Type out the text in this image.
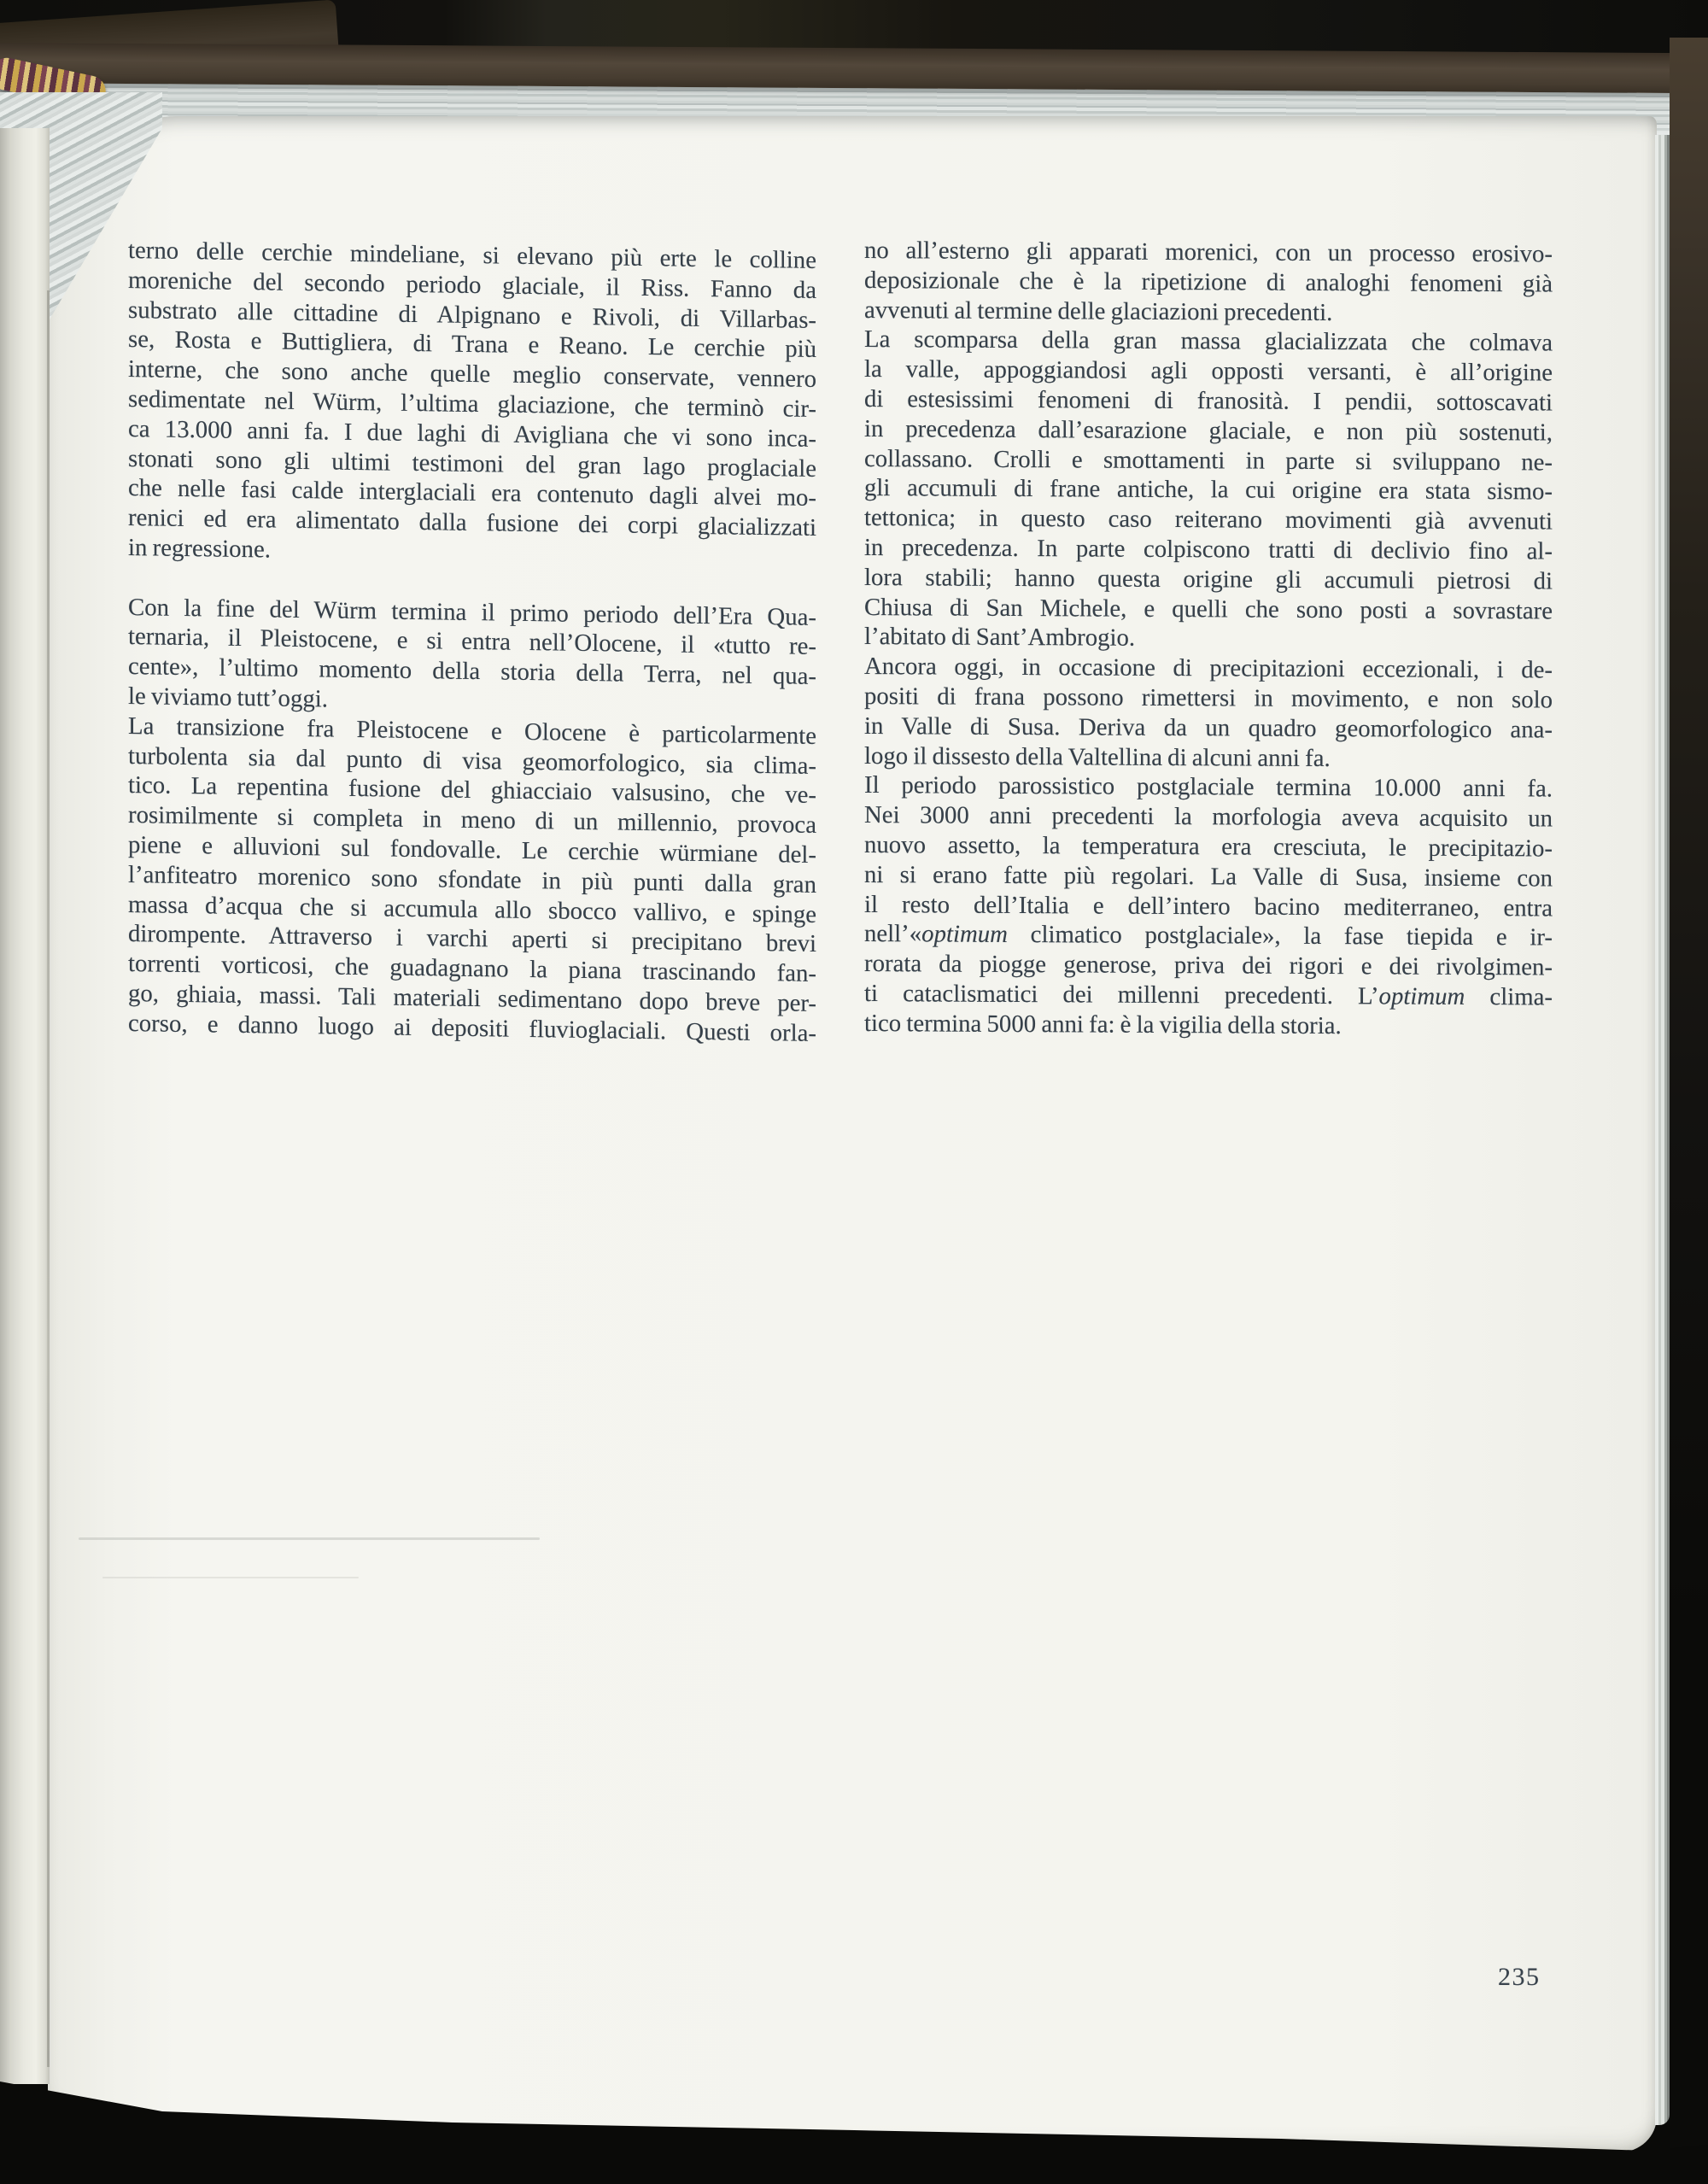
terno delle cerchie mindeliane, si elevano più erte le colline
moreniche del secondo periodo glaciale, il Riss. Fanno da
substrato alle cittadine di Alpignano e Rivoli, di Villarbas-
se, Rosta e Buttigliera, di Trana e Reano. Le cerchie più
interne, che sono anche quelle meglio conservate, vennero
sedimentate nel Würm, l’ultima glaciazione, che terminò cir-
ca 13.000 anni fa. I due laghi di Avigliana che vi sono inca-
stonati sono gli ultimi testimoni del gran lago proglaciale
che nelle fasi calde interglaciali era contenuto dagli alvei mo-
renici ed era alimentato dalla fusione dei corpi glacializzati
in regressione.
Con la fine del Würm termina il primo periodo dell’Era Qua-
ternaria, il Pleistocene, e si entra nell’Olocene, il «tutto re-
cente», l’ultimo momento della storia della Terra, nel qua-
le viviamo tutt’oggi.
La transizione fra Pleistocene e Olocene è particolarmente
turbolenta sia dal punto di visa geomorfologico, sia clima-
tico. La repentina fusione del ghiacciaio valsusino, che ve-
rosimilmente si completa in meno di un millennio, provoca
piene e alluvioni sul fondovalle. Le cerchie würmiane del-
l’anfiteatro morenico sono sfondate in più punti dalla gran
massa d’acqua che si accumula allo sbocco vallivo, e spinge
dirompente. Attraverso i varchi aperti si precipitano brevi
torrenti vorticosi, che guadagnano la piana trascinando fan-
go, ghiaia, massi. Tali materiali sedimentano dopo breve per-
corso, e danno luogo ai depositi fluvioglaciali. Questi orla-
no all’esterno gli apparati morenici, con un processo erosivo-
deposizionale che è la ripetizione di analoghi fenomeni già
avvenuti al termine delle glaciazioni precedenti.
La scomparsa della gran massa glacializzata che colmava
la valle, appoggiandosi agli opposti versanti, è all’origine
di estesissimi fenomeni di franosità. I pendii, sottoscavati
in precedenza dall’esarazione glaciale, e non più sostenuti,
collassano. Crolli e smottamenti in parte si sviluppano ne-
gli accumuli di frane antiche, la cui origine era stata sismo-
tettonica; in questo caso reiterano movimenti già avvenuti
in precedenza. In parte colpiscono tratti di declivio fino al-
lora stabili; hanno questa origine gli accumuli pietrosi di
Chiusa di San Michele, e quelli che sono posti a sovrastare
l’abitato di Sant’Ambrogio.
Ancora oggi, in occasione di precipitazioni eccezionali, i de-
positi di frana possono rimettersi in movimento, e non solo
in Valle di Susa. Deriva da un quadro geomorfologico ana-
logo il dissesto della Valtellina di alcuni anni fa.
Il periodo parossistico postglaciale termina 10.000 anni fa.
Nei 3000 anni precedenti la morfologia aveva acquisito un
nuovo assetto, la temperatura era cresciuta, le precipitazio-
ni si erano fatte più regolari. La Valle di Susa, insieme con
il resto dell’Italia e dell’intero bacino mediterraneo, entra
nell’«optimum climatico postglaciale», la fase tiepida e ir-
rorata da piogge generose, priva dei rigori e dei rivolgimen-
ti cataclismatici dei millenni precedenti. L’optimum clima-
tico termina 5000 anni fa: è la vigilia della storia.
235
